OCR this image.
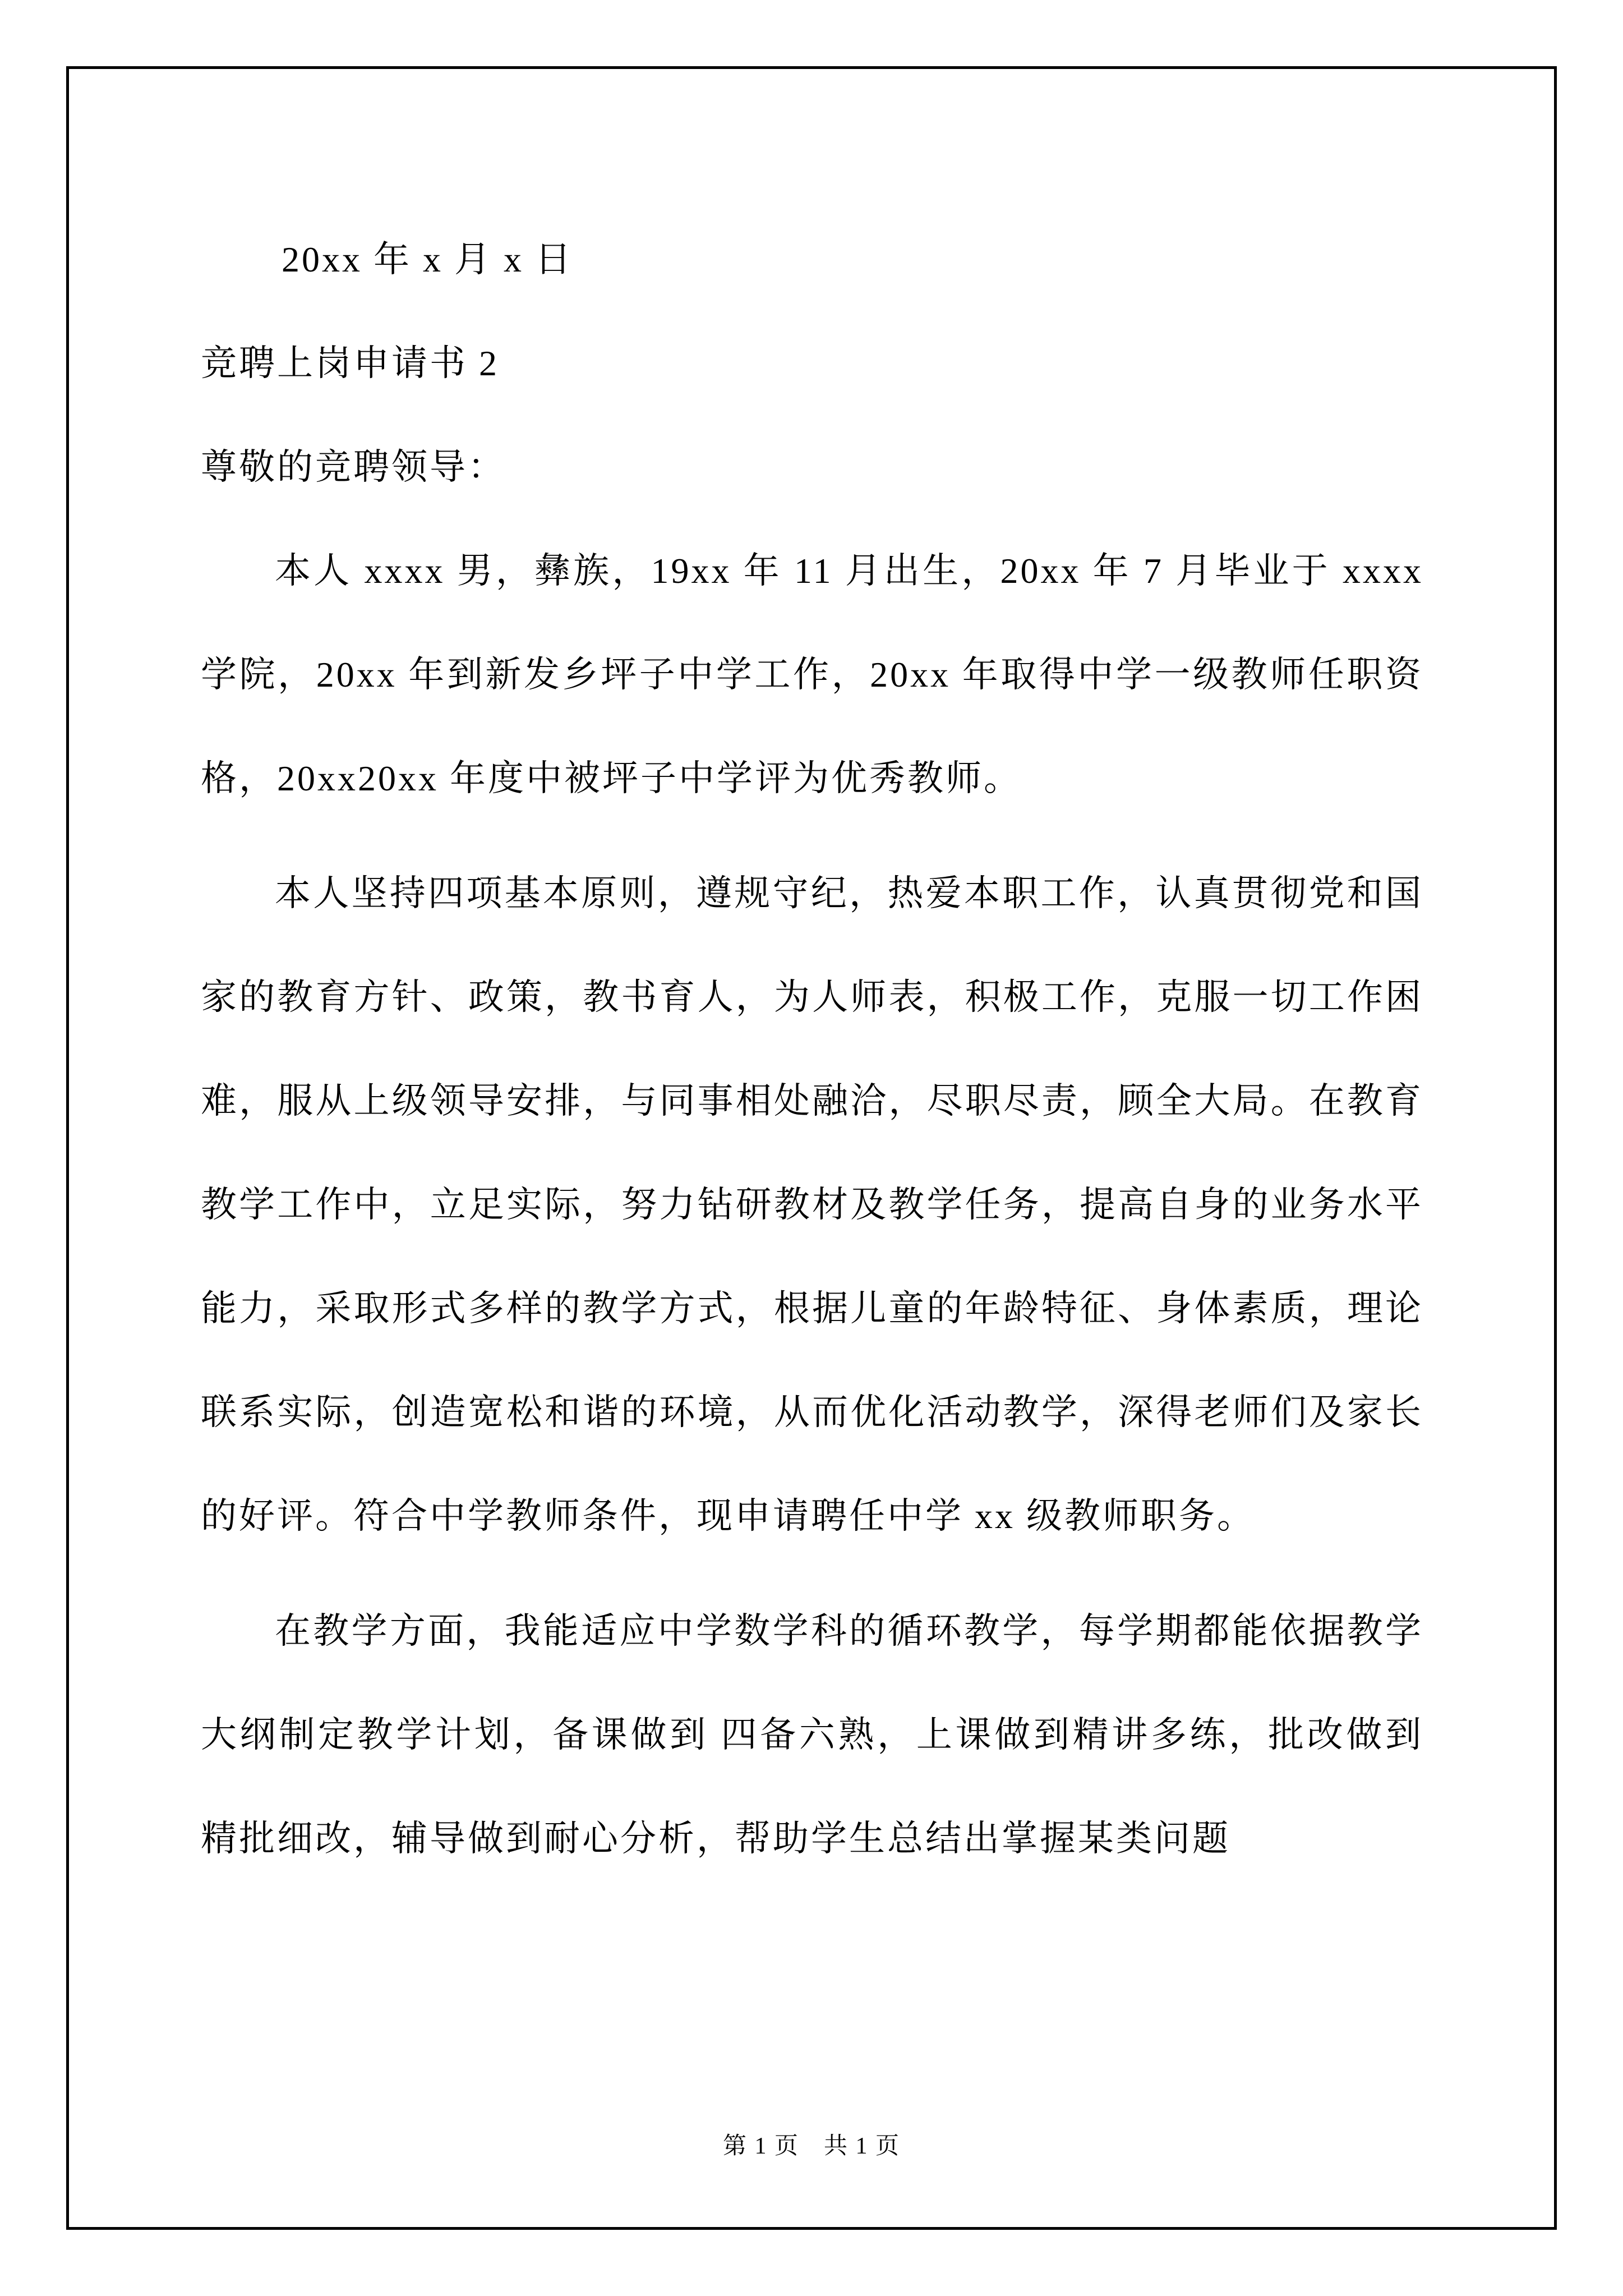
20xx 年 x 月 x 日

竞聘上岗申请书 2

尊敬的竞聘领导：

本人 xxxx 男，彝族，19xx 年 11 月出生，20xx 年 7 月毕业于 xxxx 学院，20xx 年到新发乡坪子中学工作，20xx 年取得中学一级教师任职资格，20xx20xx 年度中被坪子中学评为优秀教师。

本人坚持四项基本原则，遵规守纪，热爱本职工作，认真贯彻党和国家的教育方针、政策，教书育人，为人师表，积极工作，克服一切工作困难，服从上级领导安排，与同事相处融洽，尽职尽责，顾全大局。在教育教学工作中，立足实际，努力钻研教材及教学任务，提高自身的业务水平能力，采取形式多样的教学方式，根据儿童的年龄特征、身体素质，理论联系实际，创造宽松和谐的环境，从而优化活动教学，深得老师们及家长的好评。符合中学教师条件，现申请聘任中学 xx 级教师职务。

在教学方面，我能适应中学数学科的循环教学，每学期都能依据教学大纲制定教学计划，备课做到 四备六熟，上课做到精讲多练，批改做到精批细改，辅导做到耐心分析，帮助学生总结出掌握某类问题

第 1 页　共 1 页
